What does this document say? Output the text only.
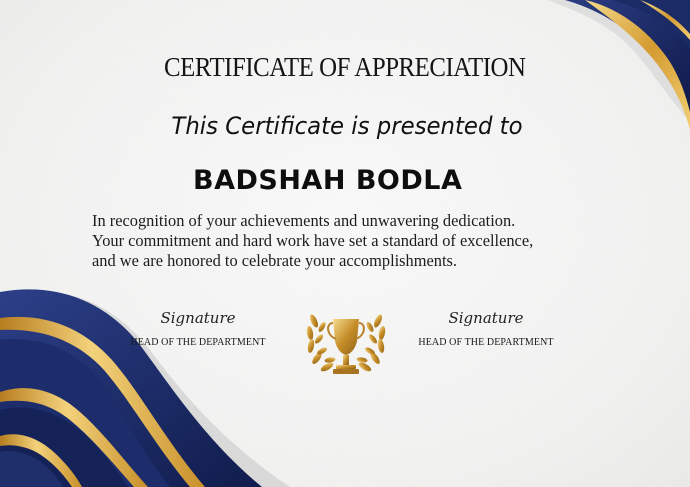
CERTIFICATE OF APPRECIATION
This Certificate is presented to
BADSHAH BODLA
In recognition of your achievements and unwavering dedication.
Your commitment and hard work have set a standard of excellence,
and we are honored to celebrate your accomplishments.
Signature
HEAD OF THE DEPARTMENT
Signature
HEAD OF THE DEPARTMENT
